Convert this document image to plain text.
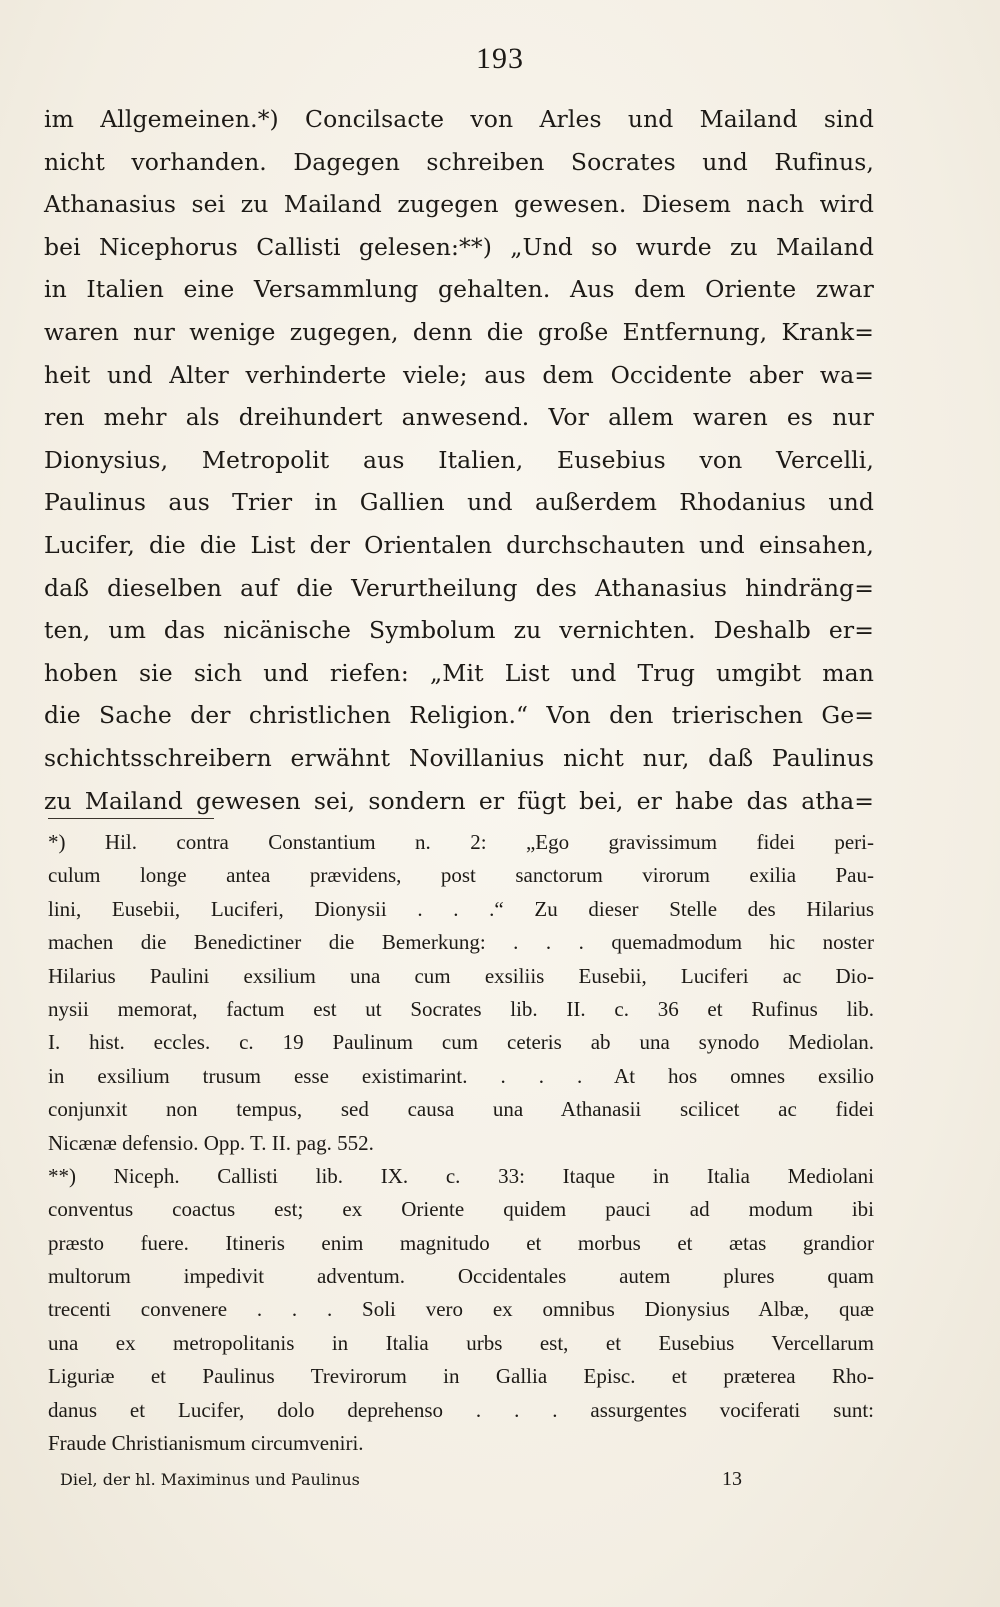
193
im Allgemeinen.*) Concilsacte von Arles und Mailand sind
nicht vorhanden. Dagegen schreiben Socrates und Rufinus,
Athanasius sei zu Mailand zugegen gewesen. Diesem nach wird
bei Nicephorus Callisti gelesen:**) „Und so wurde zu Mailand
in Italien eine Versammlung gehalten. Aus dem Oriente zwar
waren nur wenige zugegen, denn die große Entfernung, Krank=
heit und Alter verhinderte viele; aus dem Occidente aber wa=
ren mehr als dreihundert anwesend. Vor allem waren es nur
Dionysius, Metropolit aus Italien, Eusebius von Vercelli,
Paulinus aus Trier in Gallien und außerdem Rhodanius und
Lucifer, die die List der Orientalen durchschauten und einsahen,
daß dieselben auf die Verurtheilung des Athanasius hindräng=
ten, um das nicänische Symbolum zu vernichten. Deshalb er=
hoben sie sich und riefen: „Mit List und Trug umgibt man
die Sache der christlichen Religion.“ Von den trierischen Ge=
schichtsschreibern erwähnt Novillanius nicht nur, daß Paulinus
zu Mailand gewesen sei, sondern er fügt bei, er habe das atha=
*) Hil. contra Constantium n. 2: „Ego gravissimum fidei peri-
culum longe antea prævidens, post sanctorum virorum exilia Pau-
lini, Eusebii, Luciferi, Dionysii . . .“ Zu dieser Stelle des Hilarius
machen die Benedictiner die Bemerkung: . . . quemadmodum hic noster
Hilarius Paulini exsilium una cum exsiliis Eusebii, Luciferi ac Dio-
nysii memorat, factum est ut Socrates lib. II. c. 36 et Rufinus lib.
I. hist. eccles. c. 19 Paulinum cum ceteris ab una synodo Mediolan.
in exsilium trusum esse existimarint. . . . At hos omnes exsilio
conjunxit non tempus, sed causa una Athanasii scilicet ac fidei
Nicænæ defensio. Opp. T. II. pag. 552.
**) Niceph. Callisti lib. IX. c. 33: Itaque in Italia Mediolani
conventus coactus est; ex Oriente quidem pauci ad modum ibi
præsto fuere. Itineris enim magnitudo et morbus et ætas grandior
multorum impedivit adventum. Occidentales autem plures quam
trecenti convenere . . . Soli vero ex omnibus Dionysius Albæ, quæ
una ex metropolitanis in Italia urbs est, et Eusebius Vercellarum
Liguriæ et Paulinus Trevirorum in Gallia Episc. et præterea Rho-
danus et Lucifer, dolo deprehenso . . . assurgentes vociferati sunt:
Fraude Christianismum circumveniri.
Diel, der hl. Maximinus und Paulinus	13
